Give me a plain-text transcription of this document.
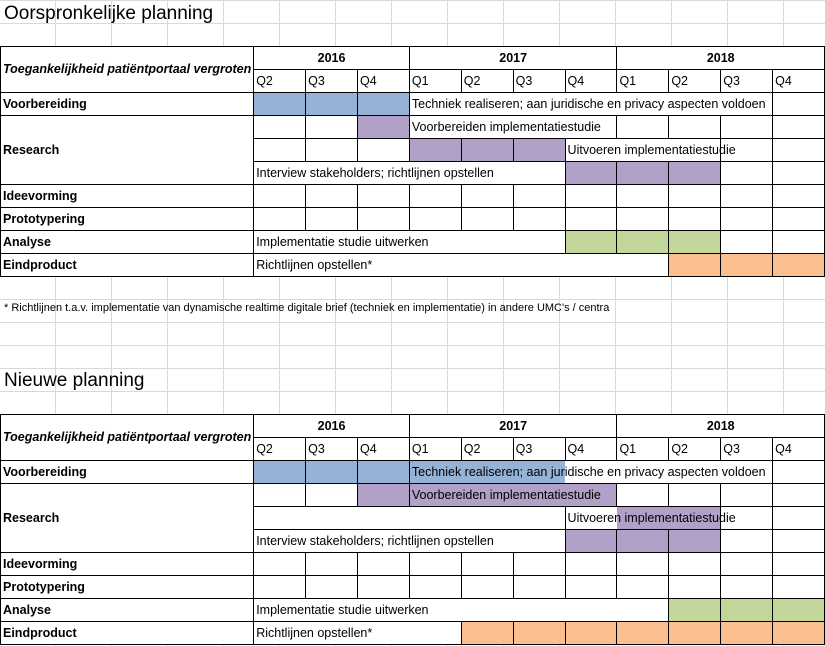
Oorspronkelijke planning
Toegankelijkheid patiëntportaal vergroten	2016			2017				2018			
	Q2	Q3	Q4	Q1	Q2	Q3	Q4	Q1	Q2	Q3	Q4
Voorbereiding				Techniek realiseren; aan juridische en privacy aspecten voldoen							

Research				Voorbereiden implementatiestudie							

							Uitvoeren implementatiestudie				

	Interview stakeholders; richtlijnen opstellen										

Ideevorming											
Prototypering											
Analyse	Implementatie studie uitwerken										

Eindproduct	Richtlijnen opstellen*										

* Richtlijnen t.a.v. implementatie van dynamische realtime digitale brief (techniek en implementatie) in andere UMC's / centra
Nieuwe planning
Toegankelijkheid patiëntportaal vergroten	2016			2017				2018			
	Q2	Q3	Q4	Q1	Q2	Q3	Q4	Q1	Q2	Q3	Q4
Voorbereiding				Techniek realiseren; aan juridische en privacy aspecten voldoen							

Research				Voorbereiden implementatiestudie							

							Uitvoeren implementatiestudie				

	Interview stakeholders; richtlijnen opstellen										

Ideevorming											
Prototypering											
Analyse	Implementatie studie uitwerken										

Eindproduct	Richtlijnen opstellen*										
